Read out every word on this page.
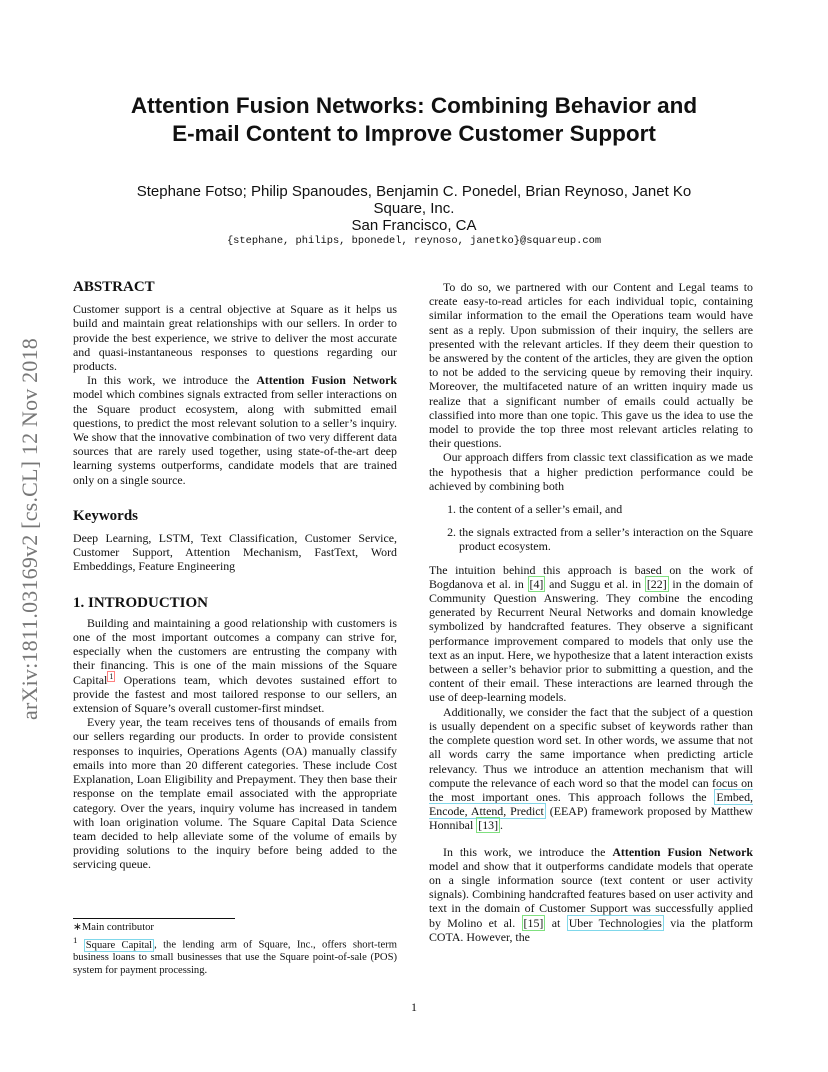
arXiv:1811.03169v2 [cs.CL] 12 Nov 2018
Attention Fusion Networks: Combining Behavior and
E-mail Content to Improve Customer Support
Stephane Fotso; Philip Spanoudes, Benjamin C. Ponedel, Brian Reynoso, Janet Ko
Square, Inc.
San Francisco, CA
{stephane, philips, bponedel, reynoso, janetko}@squareup.com
ABSTRACT

Customer support is a central objective at Square as it helps us build and maintain great relationships with our sellers. In order to provide the best experience, we strive to deliver the most accurate and quasi-instantaneous responses to questions regarding our products.

In this work, we introduce the Attention Fusion Network model which combines signals extracted from seller interactions on the Square product ecosystem, along with submitted email questions, to predict the most relevant solution to a seller’s inquiry. We show that the innovative combination of two very different data sources that are rarely used together, using state-of-the-art deep learning systems outperforms, candidate models that are trained only on a single source.

Keywords

Deep Learning, LSTM, Text Classification, Customer Service, Customer Support, Attention Mechanism, FastText, Word Embeddings, Feature Engineering

1. INTRODUCTION

Building and maintaining a good relationship with customers is one of the most important outcomes a company can strive for, especially when the customers are entrusting the company with their financing. This is one of the main missions of the Square Capital $^1$ Operations team, which devotes sustained effort to provide the fastest and most tailored response to our sellers, an extension of Square’s overall customer-first mindset.

Every year, the team receives tens of thousands of emails from our sellers regarding our products. In order to provide consistent responses to inquiries, Operations Agents (OA) manually classify emails into more than 20 different categories. These include Cost Explanation, Loan Eligibility and Prepayment. They then base their response on the template email associated with the appropriate category. Over the years, inquiry volume has increased in tandem with loan origination volume. The Square Capital Data Science team decided to help alleviate some of the volume of emails by providing solutions to the inquiry before being added to the servicing queue.

∗Main contributor
$^1$ Square Capital , the lending arm of Square, Inc., offers short-term business loans to small businesses that use the Square point-of-sale (POS) system for payment processing.

To do so, we partnered with our Content and Legal teams to create easy-to-read articles for each individual topic, containing similar information to the email the Operations team would have sent as a reply. Upon submission of their inquiry, the sellers are presented with the relevant articles. If they deem their question to be answered by the content of the articles, they are given the option to not be added to the servicing queue by removing their inquiry. Moreover, the multifaceted nature of an written inquiry made us realize that a significant number of emails could actually be classified into more than one topic. This gave us the idea to use the model to provide the top three most relevant articles relating to their questions.

Our approach differs from classic text classification as we made the hypothesis that a higher prediction performance could be achieved by combining both

1. the content of a seller’s email, and
2. the signals extracted from a seller’s interaction on the Square product ecosystem.

The intuition behind this approach is based on the work of Bogdanova et al. in [4] and Suggu et al. in [22] in the domain of Community Question Answering. They combine the encoding generated by Recurrent Neural Networks and domain knowledge symbolized by handcrafted features. They observe a significant performance improvement compared to models that only use the text as an input. Here, we hypothesize that a latent interaction exists between a seller’s behavior prior to submitting a question, and the content of their email. These interactions are learned through the use of deep-learning models.

Additionally, we consider the fact that the subject of a question is usually dependent on a specific subset of keywords rather than the complete question word set. In other words, we assume that not all words carry the same importance when predicting article relevancy. Thus we introduce an attention mechanism that will compute the relevance of each word so that the model can focus on the most important ones. This approach follows the Embed, Encode, Attend, Predict (EEAP) framework proposed by Matthew Honnibal [13] .

In this work, we introduce the Attention Fusion Network model and show that it outperforms candidate models that operate on a single information source (text content or user activity signals). Combining handcrafted features based on user activity and text in the domain of Customer Support was successfully applied by Molino et al. [15] at Uber Technologies via the platform COTA. However, the

1
